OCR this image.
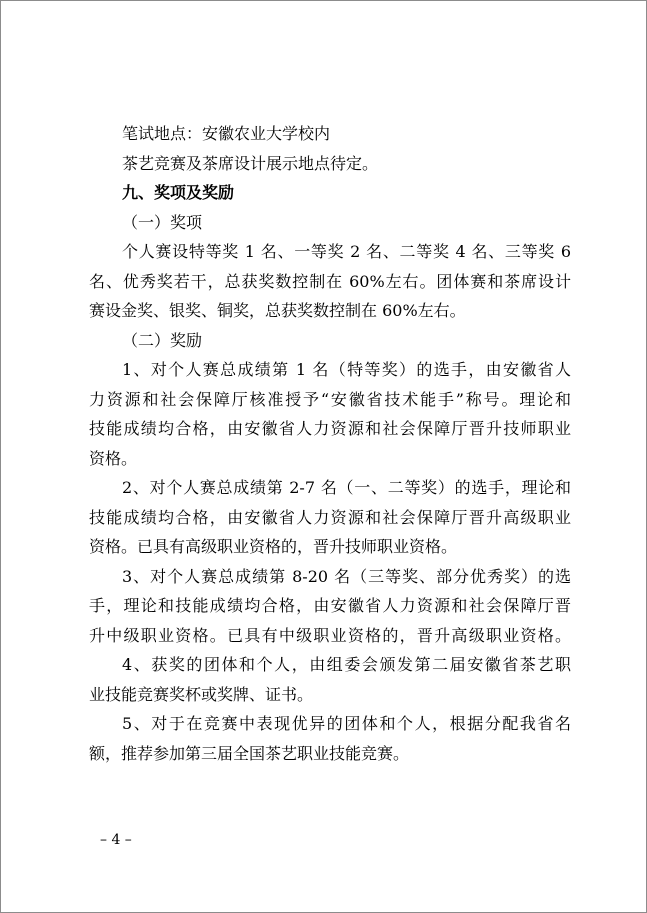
笔试地点：安徽农业大学校内
茶艺竞赛及茶席设计展示地点待定。
九、奖项及奖励
（一）奖项
个人赛设特等奖 1 名、一等奖 2 名、二等奖 4 名、三等奖 6
名、优秀奖若干，总获奖数控制在 60%左右。团体赛和茶席设计
赛设金奖、银奖、铜奖，总获奖数控制在 60%左右。
（二）奖励
1、对个人赛总成绩第 1 名（特等奖）的选手，由安徽省人
力资源和社会保障厅核准授予“安徽省技术能手”称号。理论和
技能成绩均合格，由安徽省人力资源和社会保障厅晋升技师职业
资格。
2、对个人赛总成绩第 2-7 名（一、二等奖）的选手，理论和
技能成绩均合格，由安徽省人力资源和社会保障厅晋升高级职业
资格。已具有高级职业资格的，晋升技师职业资格。
3、对个人赛总成绩第 8-20 名（三等奖、部分优秀奖）的选
手，理论和技能成绩均合格，由安徽省人力资源和社会保障厅晋
升中级职业资格。已具有中级职业资格的，晋升高级职业资格。
4、获奖的团体和个人，由组委会颁发第二届安徽省茶艺职
业技能竞赛奖杯或奖牌、证书。
5、对于在竞赛中表现优异的团体和个人，根据分配我省名
额，推荐参加第三届全国茶艺职业技能竞赛。
– 4 –
